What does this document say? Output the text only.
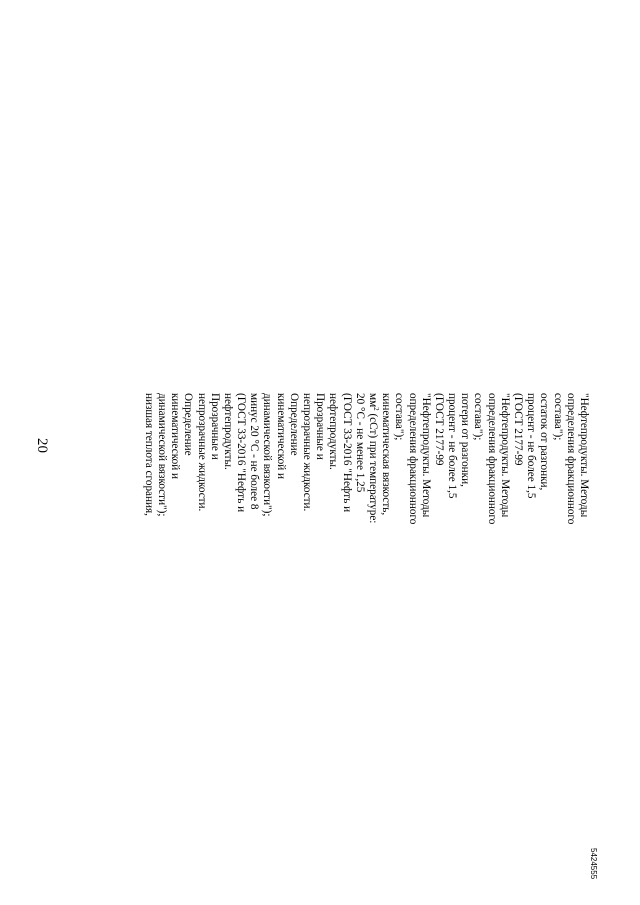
20	"Нефтепродукты. Методы
определения фракционного
состава");
остаток от разгонки,
процент - не более 1,5
(ГОСТ 2177-99
"Нефтепродукты. Методы
определения фракционного
состава");
потери от разгонки,
процент - не более 1,5
(ГОСТ 2177-99
"Нефтепродукты. Методы
определения фракционного
состава");
кинематическая вязкость,
$мм^2$ (сСт) при температуре:
20 °C - не менее 1,25
(ГОСТ 33-2016 "Нефть и
нефтепродукты.
Прозрачные и
непрозрачные жидкости.
Определение
кинематической и
динамической вязкости");
минус 20 °C - не более 8
(ГОСТ 33-2016 "Нефть и
нефтепродукты.
Прозрачные и
непрозрачные жидкости.
Определение
кинематической и
динамической вязкости");
низшая теплота сгорания,
5424555
